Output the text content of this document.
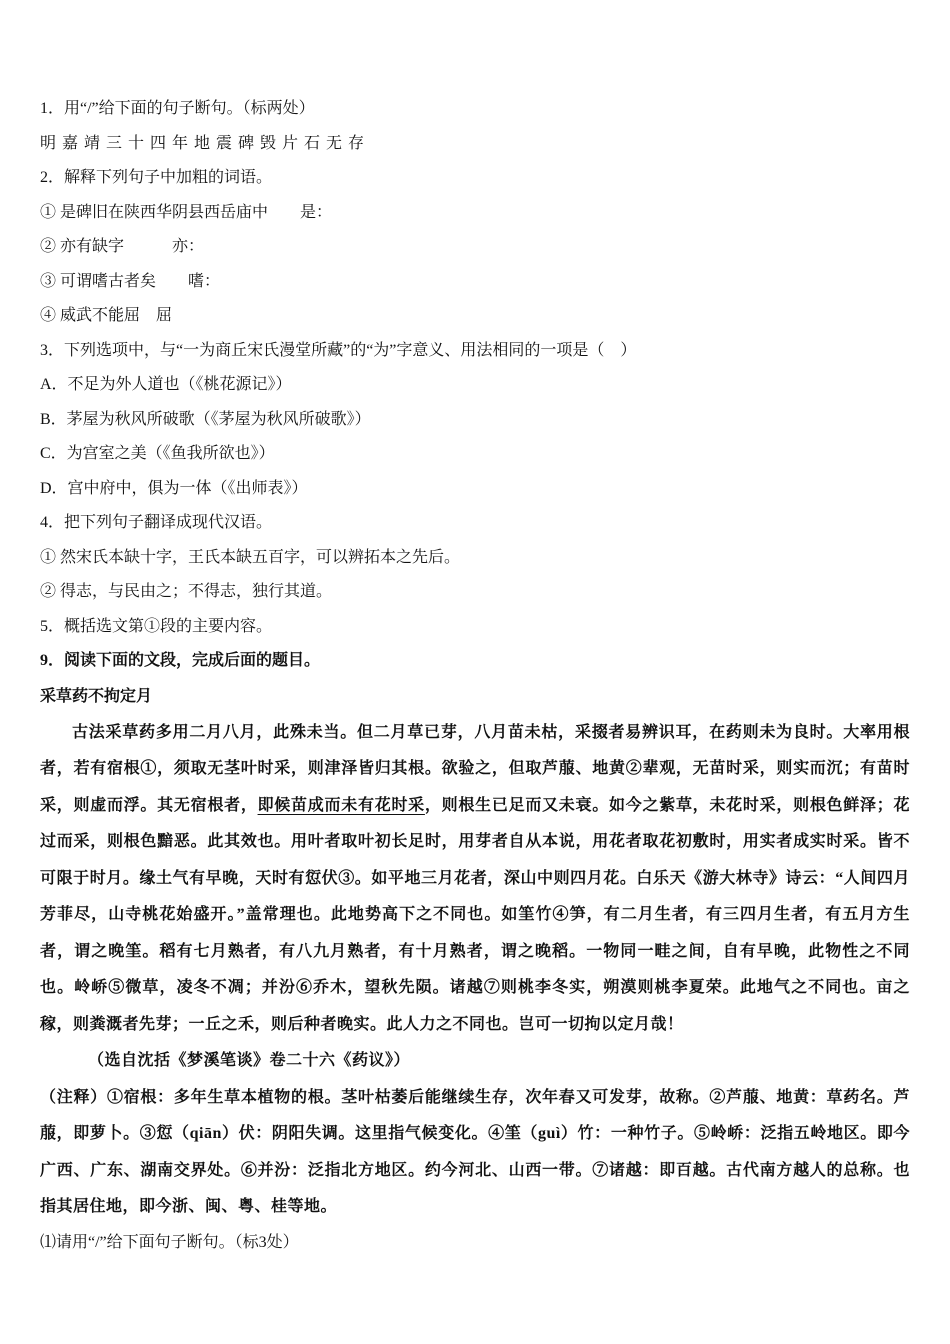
1．用“/”给下面的句子断句。（标两处）
明 嘉 靖 三 十 四 年 地 震 碑 毁 片 石 无 存
2．解释下列句子中加粗的词语。
① 是碑旧在陕西华阴县西岳庙中　　是：
② 亦有缺字　　　亦：
③ 可谓嗜古者矣　　嗜：
④ 威武不能屈　屈
3．下列选项中，与“一为商丘宋氏漫堂所藏”的“为”字意义、用法相同的一项是（　）
A．不足为外人道也（《桃花源记》）
B．茅屋为秋风所破歌（《茅屋为秋风所破歌》）
C．为宫室之美（《鱼我所欲也》）
D．宫中府中，俱为一体（《出师表》）
4．把下列句子翻译成现代汉语。
① 然宋氏本缺十字，王氏本缺五百字，可以辨拓本之先后。
② 得志，与民由之；不得志，独行其道。
5．概括选文第①段的主要内容。
9．阅读下面的文段，完成后面的题目。
采草药不拘定月

古法采草药多用二月八月，此殊未当。但二月草已芽，八月苗未枯，采掇者易辨识耳，在药则未为良时。大率用根者，若有宿根①，须取无茎叶时采，则津泽皆归其根。欲验之，但取芦菔、地黄②辈观，无苗时采，则实而沉；有苗时采，则虚而浮。其无宿根者，即候苗成而未有花时采，则根生已足而又未衰。如今之紫草，未花时采，则根色鲜泽；花过而采，则根色黯恶。此其效也。用叶者取叶初长足时，用芽者自从本说，用花者取花初敷时，用实者成实时采。皆不可限于时月。缘土气有早晚，天时有愆伏③。如平地三月花者，深山中则四月花。白乐天《游大林寺》诗云：“人间四月芳菲尽，山寺桃花始盛开。”盖常理也。此地势高下之不同也。如筀竹④笋，有二月生者，有三四月生者，有五月方生者，谓之晚筀。稻有七月熟者，有八九月熟者，有十月熟者，谓之晚稻。一物同一畦之间，自有早晚，此物性之不同也。岭峤⑤微草，凌冬不凋；并汾⑥乔木，望秋先陨。诸越⑦则桃李冬实，朔漠则桃李夏荣。此地气之不同也。亩之稼，则粪溉者先芽；一丘之禾，则后种者晚实。此人力之不同也。岂可一切拘以定月哉！

（选自沈括《梦溪笔谈》卷二十六《药议》）

（注释）①宿根：多年生草本植物的根。茎叶枯萎后能继续生存，次年春又可发芽，故称。②芦菔、地黄：草药名。芦菔，即萝卜。③愆（qiān）伏：阴阳失调。这里指气候变化。④筀（guì）竹：一种竹子。⑤岭峤：泛指五岭地区。即今广西、广东、湖南交界处。⑥并汾：泛指北方地区。约今河北、山西一带。⑦诸越：即百越。古代南方越人的总称。也指其居住地，即今浙、闽、粤、桂等地。

⑴请用“/”给下面句子断句。（标3处）
